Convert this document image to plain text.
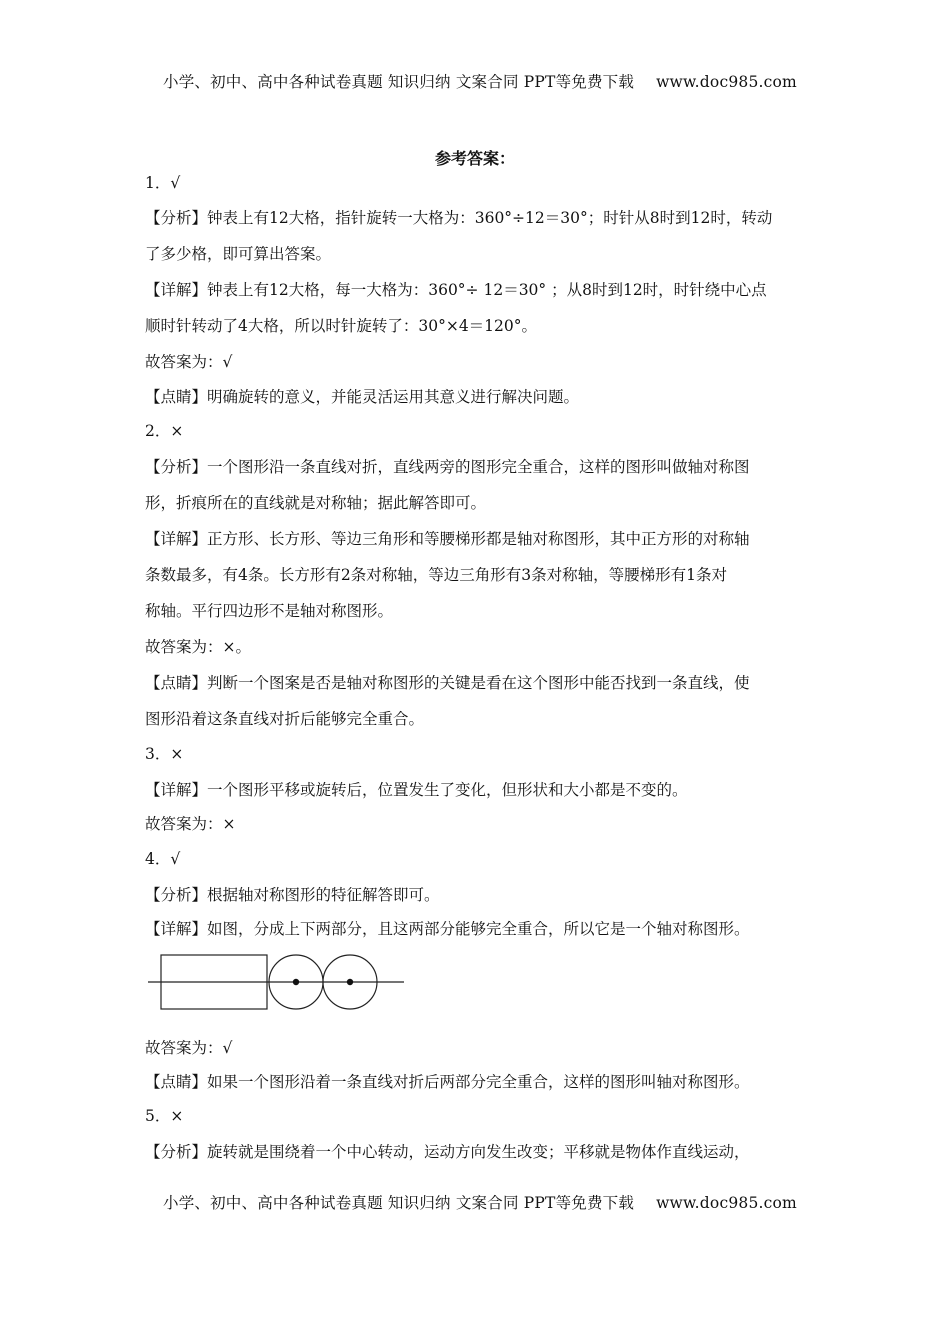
小学、初中、高中各种试卷真题 知识归纳 文案合同 PPT等免费下载 www.doc985.com
参考答案：
1．√
【分析】钟表上有12大格，指针旋转一大格为：360°÷12＝30°；时针从8时到12时，转动
了多少格，即可算出答案。
【详解】钟表上有12大格，每一大格为：360°÷ 12＝30° ；从8时到12时，时针绕中心点
顺时针转动了4大格，所以时针旋转了：30°×4＝120°。
故答案为：√
【点睛】明确旋转的意义，并能灵活运用其意义进行解决问题。
2．×
【分析】一个图形沿一条直线对折，直线两旁的图形完全重合，这样的图形叫做轴对称图
形，折痕所在的直线就是对称轴；据此解答即可。
【详解】正方形、长方形、等边三角形和等腰梯形都是轴对称图形，其中正方形的对称轴
条数最多，有4条。长方形有2条对称轴，等边三角形有3条对称轴，等腰梯形有1条对
称轴。平行四边形不是轴对称图形。
故答案为：×。
【点睛】判断一个图案是否是轴对称图形的关键是看在这个图形中能否找到一条直线，使
图形沿着这条直线对折后能够完全重合。
3．×
【详解】一个图形平移或旋转后，位置发生了变化，但形状和大小都是不变的。
故答案为：×
4．√
【分析】根据轴对称图形的特征解答即可。
【详解】如图，分成上下两部分，且这两部分能够完全重合，所以它是一个轴对称图形。
故答案为：√
【点睛】如果一个图形沿着一条直线对折后两部分完全重合，这样的图形叫轴对称图形。
5．×
【分析】旋转就是围绕着一个中心转动，运动方向发生改变；平移就是物体作直线运动，
小学、初中、高中各种试卷真题 知识归纳 文案合同 PPT等免费下载 www.doc985.com
